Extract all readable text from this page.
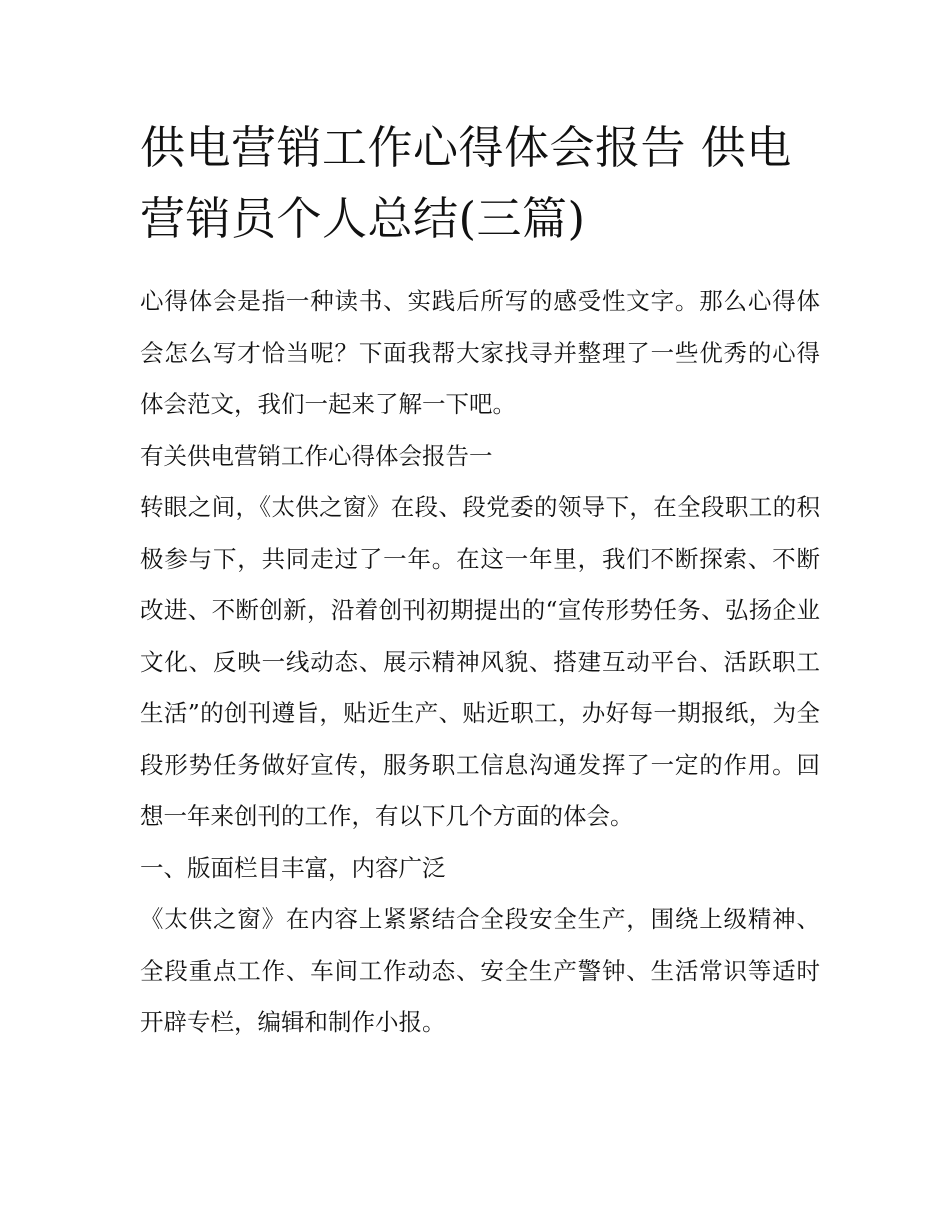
供电营销工作心得体会报告 供电营销员个人总结(三篇)

心得体会是指一种读书、实践后所写的感受性文字。那么心得体会怎么写才恰当呢？下面我帮大家找寻并整理了一些优秀的心得体会范文，我们一起来了解一下吧。

有关供电营销工作心得体会报告一

转眼之间，《太供之窗》在段、段党委的领导下，在全段职工的积极参与下，共同走过了一年。在这一年里，我们不断探索、不断改进、不断创新，沿着创刊初期提出的“宣传形势任务、弘扬企业文化、反映一线动态、展示精神风貌、搭建互动平台、活跃职工生活”的创刊遵旨，贴近生产、贴近职工，办好每一期报纸，为全段形势任务做好宣传，服务职工信息沟通发挥了一定的作用。回想一年来创刊的工作，有以下几个方面的体会。

一、版面栏目丰富，内容广泛

《太供之窗》在内容上紧紧结合全段安全生产，围绕上级精神、全段重点工作、车间工作动态、安全生产警钟、生活常识等适时开辟专栏，编辑和制作小报。
